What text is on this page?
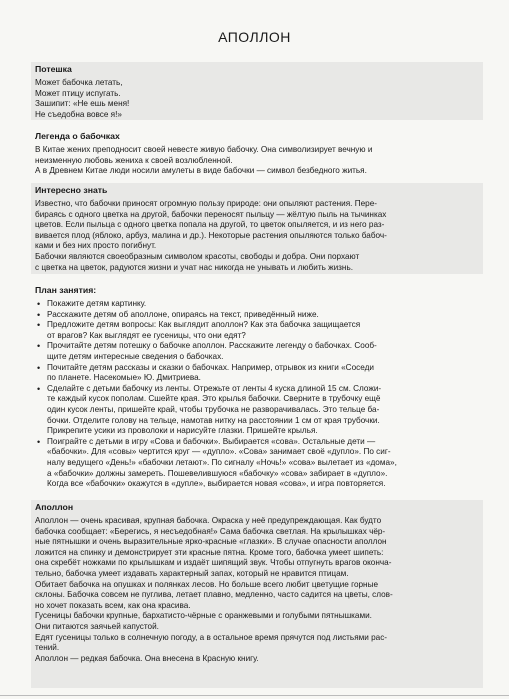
АПОЛЛОН
Потешка
Может бабочка летать,
Может птицу испугать.
Зашипит: «Не ешь меня!
Не съедобна вовсе я!»
Легенда о бабочках
В Китае жених преподносит своей невесте живую бабочку. Она символизирует вечную и
неизменную любовь жениха к своей возлюбленной.
А в Древнем Китае люди носили амулеты в виде бабочки — символ безбедного житья.
Интересно знать
Известно, что бабочки приносят огромную пользу природе: они опыляют растения. Пере-
бираясь с одного цветка на другой, бабочки переносят пыльцу — жёлтую пыль на тычинках
цветов. Если пыльца с одного цветка попала на другой, то цветок опыляется, и из него раз-
вивается плод (яблоко, арбуз, малина и др.). Некоторые растения опыляются только бабоч-
ками и без них просто погибнут.
Бабочки являются своеобразным символом красоты, свободы и добра. Они порхают
с цветка на цветок, радуются жизни и учат нас никогда не унывать и любить жизнь.
План занятия:
• Покажите детям картинку.
• Расскажите детям об аполлоне, опираясь на текст, приведённый ниже.
• Предложите детям вопросы: Как выглядит аполлон? Как эта бабочка защищается
от врагов? Как выглядят ее гусеницы, что они едят?
• Прочитайте детям потешку о бабочке аполлон. Расскажите легенду о бабочках. Сооб-
щите детям интересные сведения о бабочках.
• Почитайте детям рассказы и сказки о бабочках. Например, отрывок из книги «Соседи
по планете. Насекомые» Ю. Дмитриева.
• Сделайте с детьми бабочку из ленты. Отрежьте от ленты 4 куска длиной 15 см. Сложи-
те каждый кусок пополам. Сшейте края. Это крылья бабочки. Сверните в трубочку ещё
один кусок ленты, пришейте край, чтобы трубочка не разворачивалась. Это тельце ба-
бочки. Отделите голову на тельце, намотав нитку на расстоянии 1 см от края трубочки.
Прикрепите усики из проволоки и нарисуйте глазки. Пришейте крылья.
• Поиграйте с детьми в игру «Сова и бабочки». Выбирается «сова». Остальные дети —
«бабочки». Для «совы» чертится круг — «дупло». «Сова» занимает своё «дупло». По сиг-
налу ведущего «День!» «бабочки летают». По сигналу «Ночь!» «сова» вылетает из «дома»,
а «бабочки» должны замереть. Пошевелившуюся «бабочку» «сова» забирает в «дупло».
Когда все «бабочки» окажутся в «дупле», выбирается новая «сова», и игра повторяется.
Аполлон
Аполлон — очень красивая, крупная бабочка. Окраска у неё предупреждающая. Как будто
бабочка сообщает: «Берегись, я несъедобная!» Сама бабочка светлая. На крылышках чёр-
ные пятнышки и очень выразительные ярко-красные «глазки». В случае опасности аполлон
ложится на спинку и демонстрирует эти красные пятна. Кроме того, бабочка умеет шипеть:
она скребёт ножками по крылышкам и издаёт шипящий звук. Чтобы отпугнуть врагов оконча-
тельно, бабочка умеет издавать характерный запах, который не нравится птицам.
Обитает бабочка на опушках и полянках лесов. Но больше всего любит цветущие горные
склоны. Бабочка совсем не пуглива, летает плавно, медленно, часто садится на цветы, слов-
но хочет показать всем, как она красива.
Гусеницы бабочки крупные, бархатисто-чёрные с оранжевыми и голубыми пятнышками.
Они питаются заячьей капустой.
Едят гусеницы только в солнечную погоду, а в остальное время прячутся под листьями рас-
тений.
Аполлон — редкая бабочка. Она внесена в Красную книгу.
